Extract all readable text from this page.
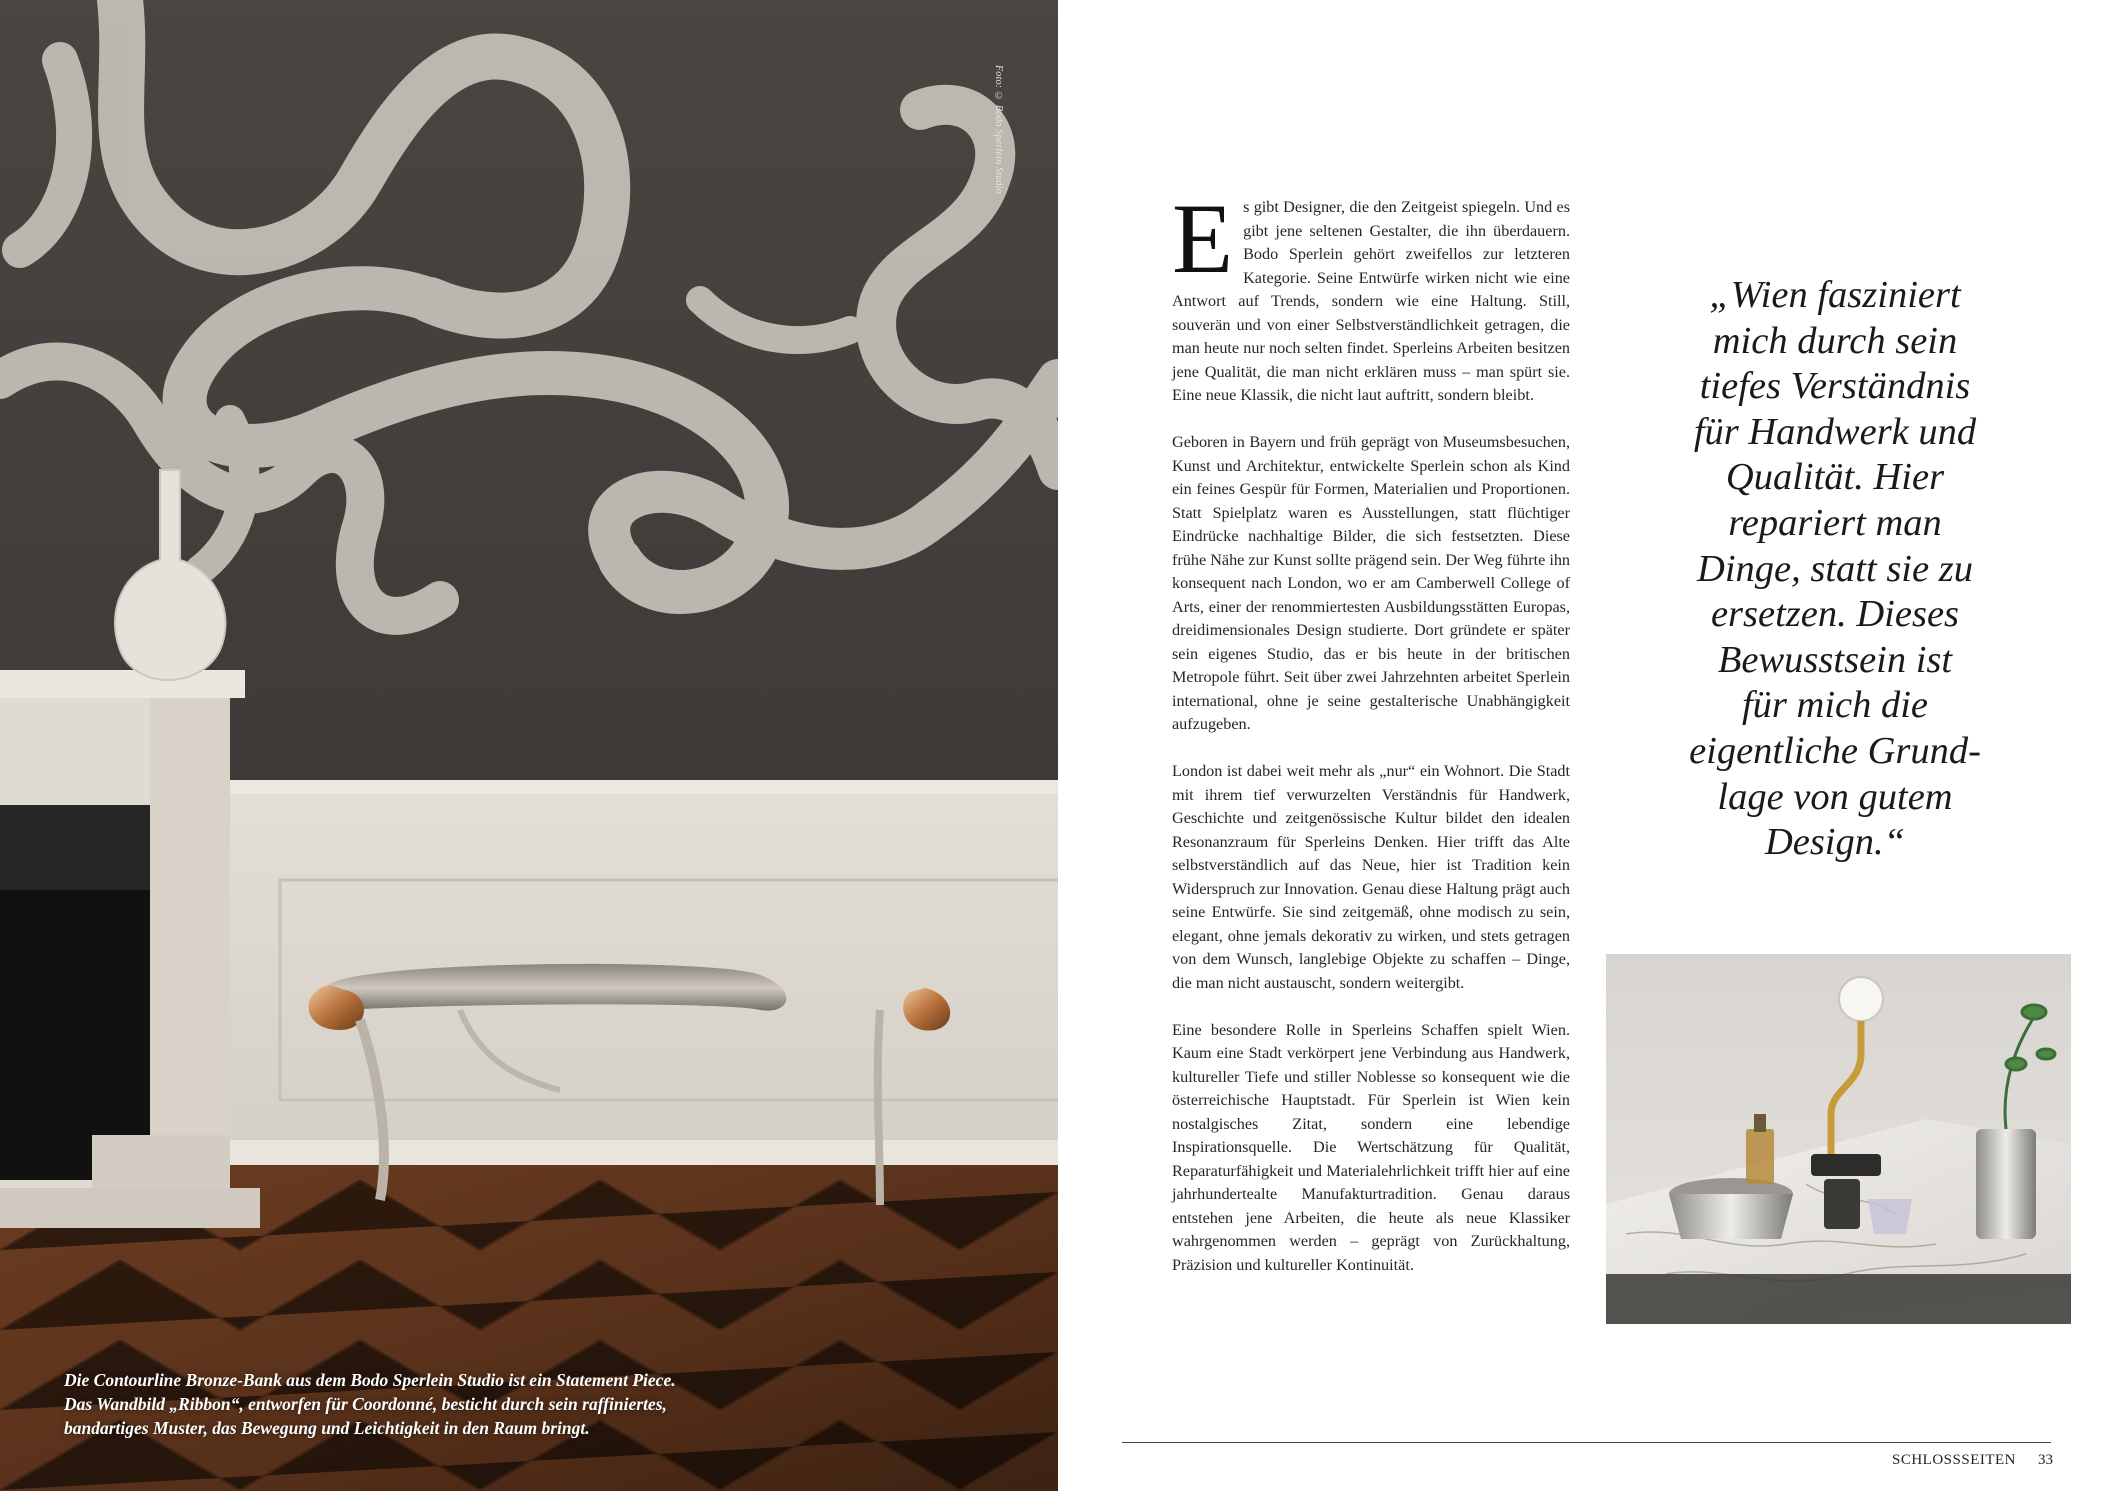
Foto: © Bodo Sperlein Studio
Die Contourline Bronze-Bank aus dem Bodo Sperlein Studio ist ein Statement Piece.
Das Wandbild „Ribbon“, entworfen für Coordonné, besticht durch sein raffiniertes,
bandartiges Muster, das Bewegung und Leichtigkeit in den Raum bringt.

Es gibt Designer, die den Zeitgeist spiegeln. Und es gibt jene seltenen Gestalter, die ihn überdauern. Bodo Sperlein gehört zweifellos zur letzteren Kategorie. Seine Entwürfe wirken nicht wie eine Antwort auf Trends, sondern wie eine Haltung. Still, souverän und von einer Selbstverständlichkeit getragen, die man heute nur noch selten findet. Sperleins Arbeiten besitzen jene Qualität, die man nicht erklären muss – man spürt sie. Eine neue Klassik, die nicht laut auftritt, sondern bleibt.

Geboren in Bayern und früh geprägt von Museumsbesuchen, Kunst und Architektur, entwickelte Sperlein schon als Kind ein feines Gespür für Formen, Materialien und Proportionen. Statt Spielplatz waren es Ausstellungen, statt flüchtiger Eindrücke nachhaltige Bilder, die sich festsetzten. Diese frühe Nähe zur Kunst sollte prägend sein. Der Weg führte ihn konsequent nach London, wo er am Camberwell College of Arts, einer der renommiertesten Ausbildungsstätten Europas, dreidimensionales Design studierte. Dort gründete er später sein eigenes Studio, das er bis heute in der britischen Metropole führt. Seit über zwei Jahrzehnten arbeitet Sperlein international, ohne je seine gestalterische Unabhängigkeit aufzugeben.

London ist dabei weit mehr als „nur“ ein Wohnort. Die Stadt mit ihrem tief verwurzelten Verständnis für Handwerk, Geschichte und zeitgenössische Kultur bildet den idealen Resonanzraum für Sperleins Denken. Hier trifft das Alte selbstverständlich auf das Neue, hier ist Tradition kein Widerspruch zur Innovation. Genau diese Haltung prägt auch seine Entwürfe. Sie sind zeitgemäß, ohne modisch zu sein, elegant, ohne jemals dekorativ zu wirken, und stets getragen von dem Wunsch, langlebige Objekte zu schaffen – Dinge, die man nicht austauscht, sondern weitergibt.

Eine besondere Rolle in Sperleins Schaffen spielt Wien. Kaum eine Stadt verkörpert jene Verbindung aus Handwerk, kultureller Tiefe und stiller Noblesse so konsequent wie die österreichische Hauptstadt. Für Sperlein ist Wien kein nostalgisches Zitat, sondern eine lebendige Inspirationsquelle. Die Wertschätzung für Qualität, Reparaturfähigkeit und Materialehrlichkeit trifft hier auf eine jahrhundertealte Manufakturtradition. Genau daraus entstehen jene Arbeiten, die heute als neue Klassiker wahrgenommen werden – geprägt von Zurückhaltung, Präzision und kultureller Kontinuität.

„Wien fasziniert
mich durch sein
tiefes Verständnis
für Handwerk und
Qualität. Hier
repariert man
Dinge, statt sie zu
ersetzen. Dieses
Bewusstsein ist
für mich die
eigentliche Grund-
lage von gutem
Design.“
SCHLOSSSEITEN 33
